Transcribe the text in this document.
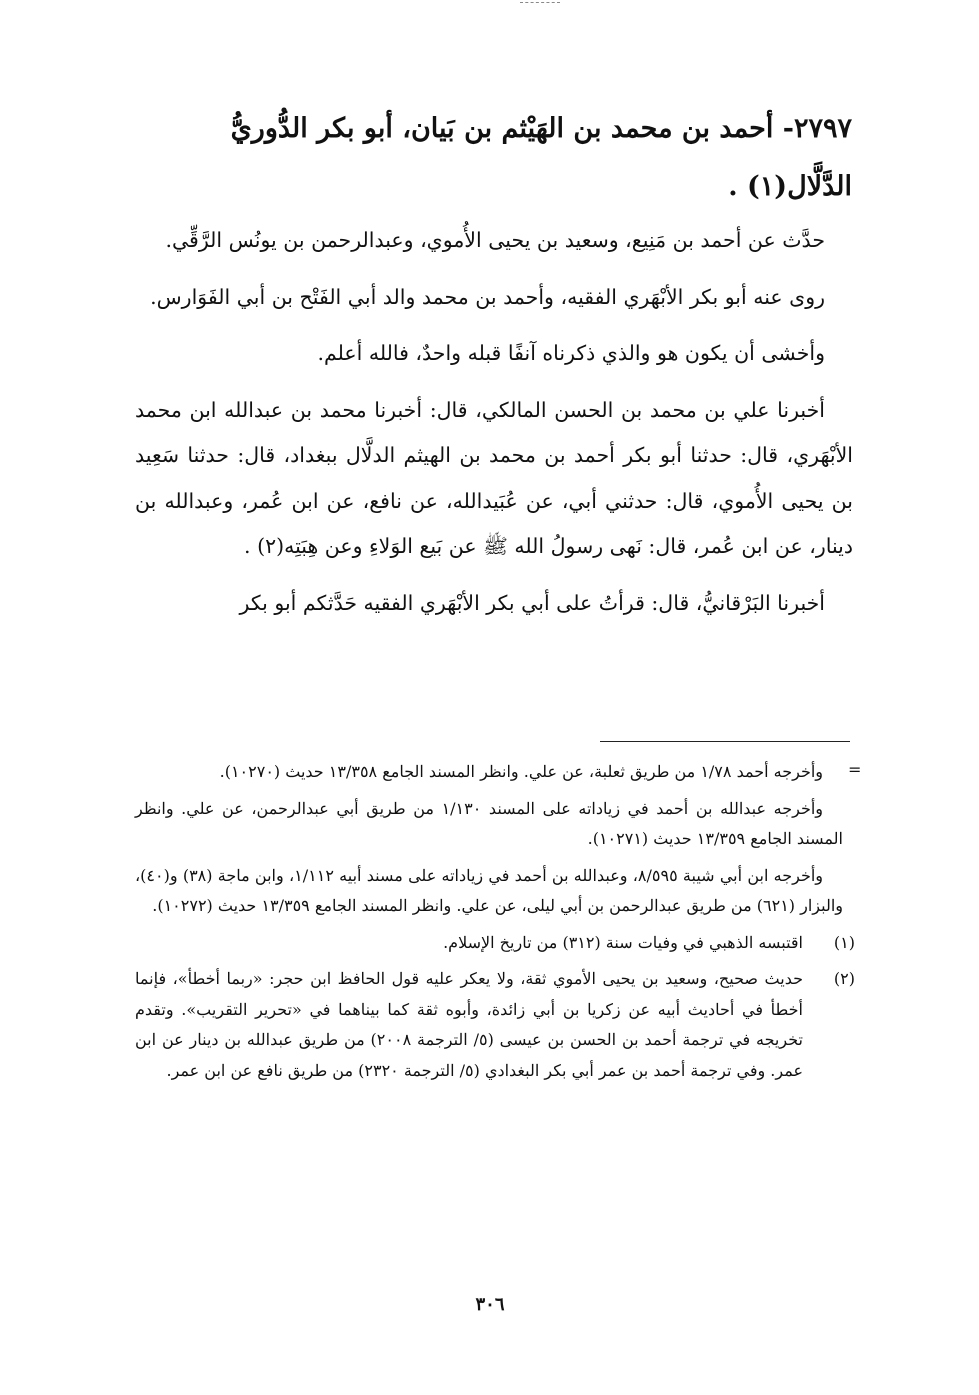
٢٧٩٧- أحمد بن محمد بن الهَيْثم بن بَيان، أبو بكر الدُّوريُّ الدَّلَّال(١) .

حدَّث عن أحمد بن مَنِيع، وسعيد بن يحيى الأُموي، وعبدالرحمن بن يونُس الرَّقِّي.

روى عنه أبو بكر الأبْهَري الفقيه، وأحمد بن محمد والد أبي الفَتْح بن أبي الفَوَارس.

وأخشى أن يكون هو والذي ذكرناه آنفًا قبله واحدٌ، فالله أعلم.

أخبرنا علي بن محمد بن الحسن المالكي، قال: أخبرنا محمد بن عبدالله ابن محمد الأبْهَري، قال: حدثنا أبو بكر أحمد بن محمد بن الهيثم الدلَّال ببغداد، قال: حدثنا سَعِيد بن يحيى الأُموي، قال: حدثني أبي، عن عُبَيدالله، عن نافع، عن ابن عُمر، وعبدالله بن دينار، عن ابن عُمر، قال: نَهى رسولُ الله ﷺ عن بَيع الوَلاءِ وعن هِبَتِه(٢) .

أخبرنا البَرْقانيُّ، قال: قرأتُ على أبي بكر الأبْهَري الفقيه حَدَّثكم أبو بكر

=

وأخرجه أحمد ١/٧٨ من طريق ثعلبة، عن علي. وانظر المسند الجامع ١٣/٣٥٨ حديث (١٠٢٧٠).

وأخرجه عبدالله بن أحمد في زياداته على المسند ١/١٣٠ من طريق أبي عبدالرحمن، عن علي. وانظر المسند الجامع ١٣/٣٥٩ حديث (١٠٢٧١).

وأخرجه ابن أبي شيبة ٨/٥٩٥، وعبدالله بن أحمد في زياداته على مسند أبيه ١/١١٢، وابن ماجة (٣٨) و(٤٠)، والبزار (٦٢١) من طريق عبدالرحمن بن أبي ليلى، عن علي. وانظر المسند الجامع ١٣/٣٥٩ حديث (١٠٢٧٢).

(١)
اقتبسه الذهبي في وفيات سنة (٣١٢) من تاريخ الإسلام.

(٢)
حديث صحيح، وسعيد بن يحيى الأموي ثقة، ولا يعكر عليه قول الحافظ ابن حجر: «ربما أخطأ»، فإنما أخطأ في أحاديث أبيه عن زكريا بن أبي زائدة، وأبوه ثقة كما بيناهما في «تحرير التقريب». وتقدم تخريجه في ترجمة أحمد بن الحسن بن عيسى (٥/ الترجمة ٢٠٠٨) من طريق عبدالله بن دينار عن ابن عمر. وفي ترجمة أحمد بن عمر أبي بكر البغدادي (٥/ الترجمة ٢٣٢٠) من طريق نافع عن ابن عمر.

٣٠٦
